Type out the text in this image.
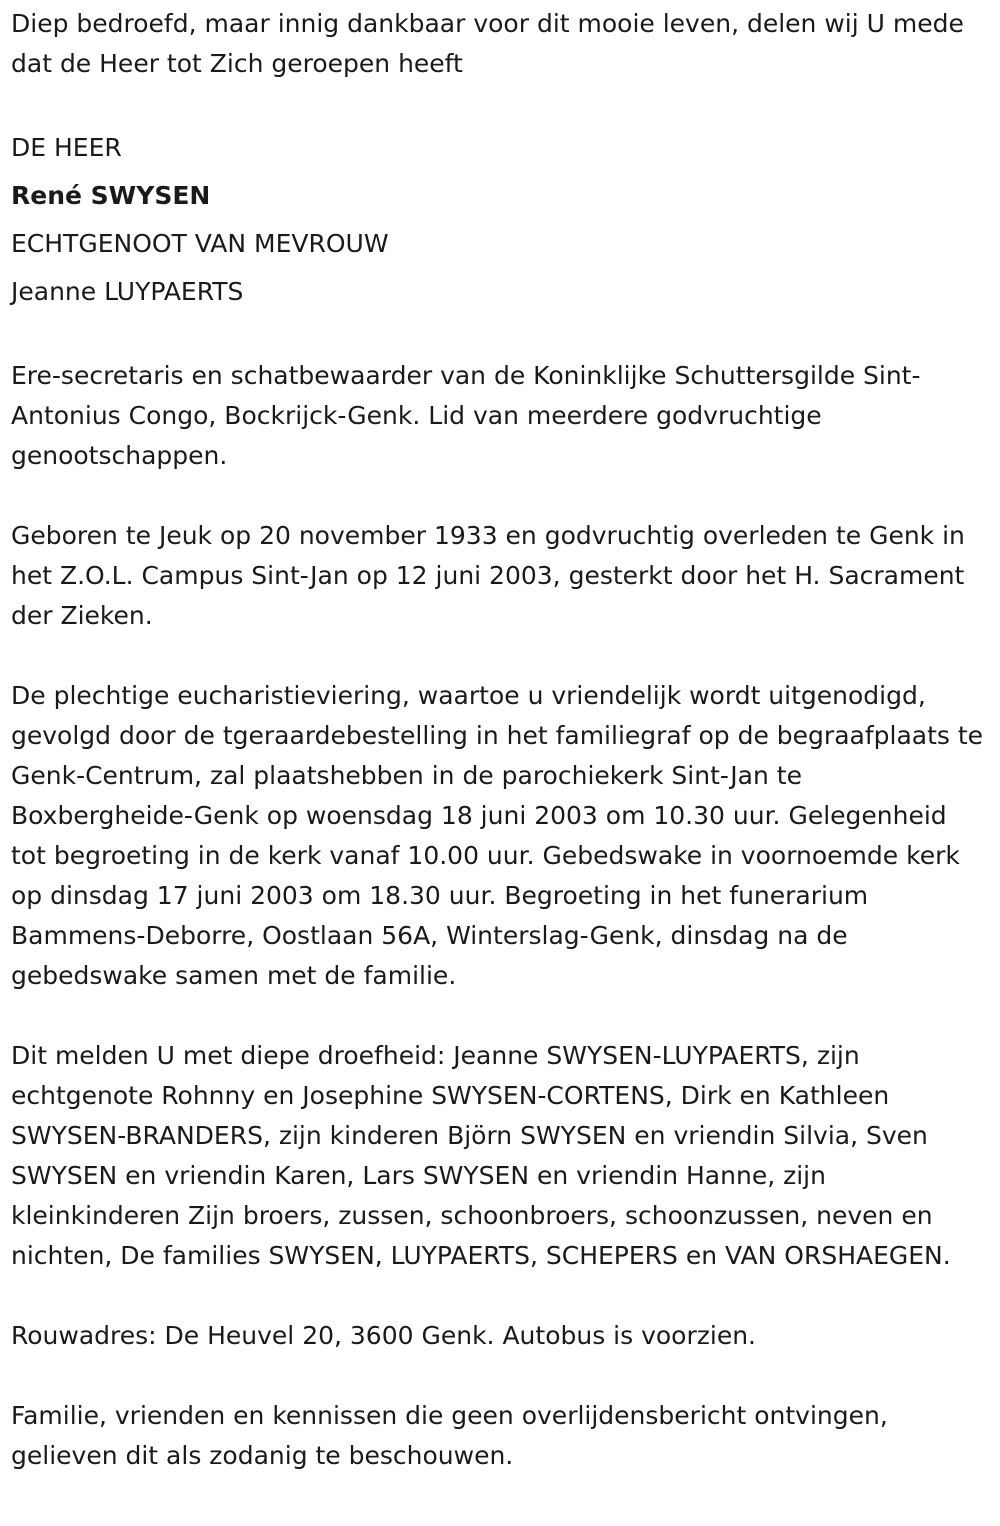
Diep bedroefd, maar innig dankbaar voor dit mooie leven, delen wij U mede dat de Heer tot Zich geroepen heeft

DE HEER
René SWYSEN
ECHTGENOOT VAN MEVROUW
Jeanne LUYPAERTS

Ere-secretaris en schatbewaarder van de Koninklijke Schuttersgilde Sint-Antonius Congo, Bockrijck-Genk. Lid van meerdere godvruchtige genootschappen.

Geboren te Jeuk op 20 november 1933 en godvruchtig overleden te Genk in het Z.O.L. Campus Sint-Jan op 12 juni 2003, gesterkt door het H. Sacrament der Zieken.

De plechtige eucharistieviering, waartoe u vriendelijk wordt uitgenodigd, gevolgd door de tgeraardebestelling in het familiegraf op de begraafplaats te Genk-Centrum, zal plaatshebben in de parochiekerk Sint-Jan te Boxbergheide-Genk op woensdag 18 juni 2003 om 10.30 uur. Gelegenheid tot begroeting in de kerk vanaf 10.00 uur. Gebedswake in voornoemde kerk op dinsdag 17 juni 2003 om 18.30 uur. Begroeting in het funerarium Bammens-Deborre, Oostlaan 56A, Winterslag-Genk, dinsdag na de gebedswake samen met de familie.

Dit melden U met diepe droefheid: Jeanne SWYSEN-LUYPAERTS, zijn echtgenote Rohnny en Josephine SWYSEN-CORTENS, Dirk en Kathleen SWYSEN-BRANDERS, zijn kinderen Björn SWYSEN en vriendin Silvia, Sven SWYSEN en vriendin Karen, Lars SWYSEN en vriendin Hanne, zijn kleinkinderen Zijn broers, zussen, schoonbroers, schoonzussen, neven en nichten, De families SWYSEN, LUYPAERTS, SCHEPERS en VAN ORSHAEGEN.

Rouwadres: De Heuvel 20, 3600 Genk. Autobus is voorzien.

Familie, vrienden en kennissen die geen overlijdensbericht ontvingen, gelieven dit als zodanig te beschouwen.
